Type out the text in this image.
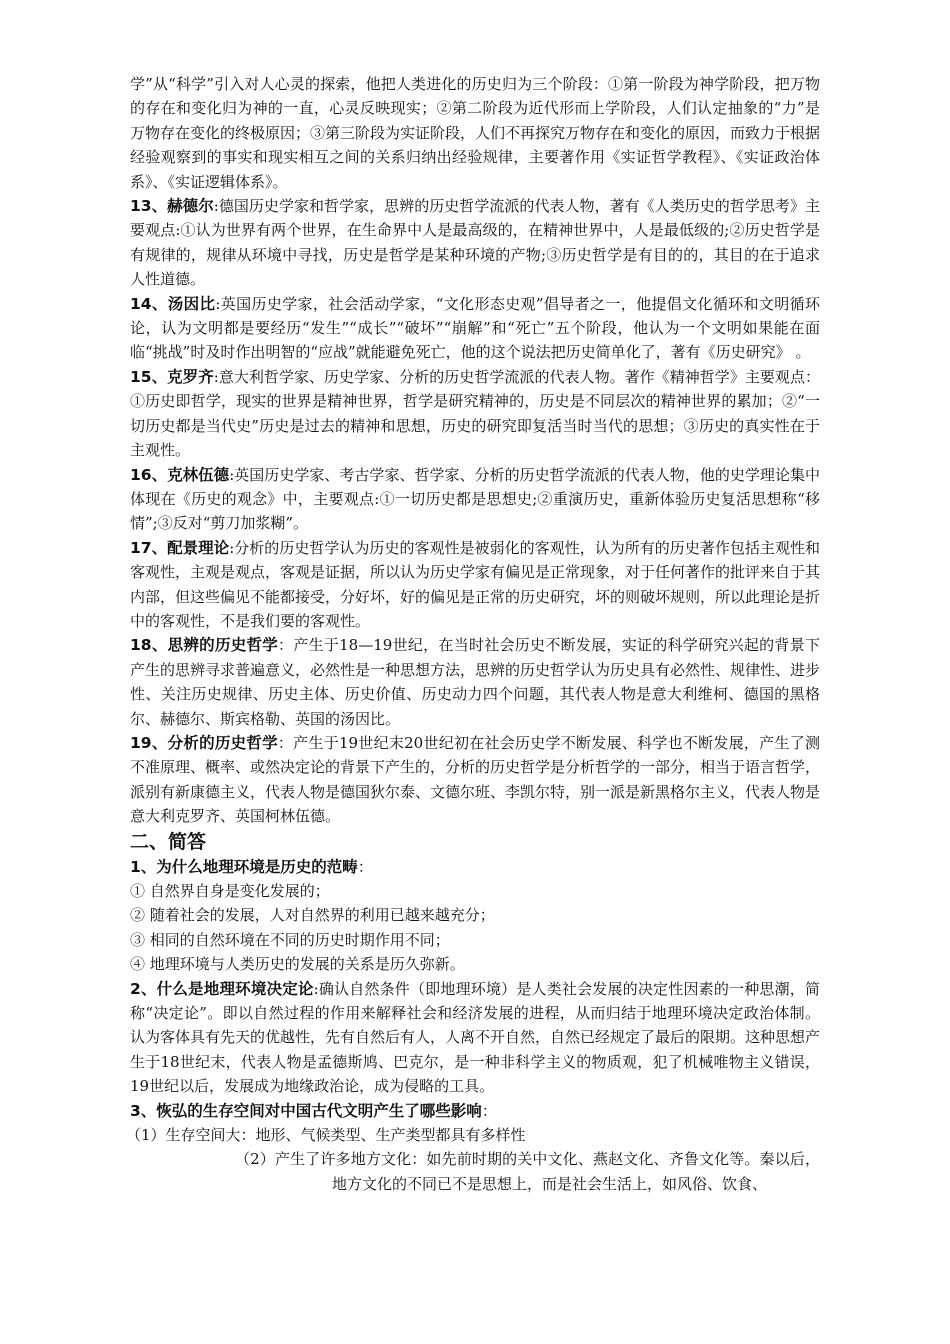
学”从“科学”引入对人心灵的探索，他把人类进化的历史归为三个阶段：①第一阶段为神学阶段，把万物的存在和变化归为神的一直，心灵反映现实；②第二阶段为近代形而上学阶段，人们认定抽象的“力”是万物存在变化的终极原因；③第三阶段为实证阶段，人们不再探究万物存在和变化的原因，而致力于根据经验观察到的事实和现实相互之间的关系归纳出经验规律，主要著作用《实证哲学教程》、《实证政治体系》、《实证逻辑体系》。

13、赫德尔:德国历史学家和哲学家，思辨的历史哲学流派的代表人物，著有《人类历史的哲学思考》主要观点:①认为世界有两个世界，在生命界中人是最高级的，在精神世界中，人是最低级的;②历史哲学是有规律的，规律从环境中寻找，历史是哲学是某种环境的产物;③历史哲学是有目的的，其目的在于追求人性道德。

14、汤因比:英国历史学家，社会活动学家，“文化形态史观”倡导者之一，他提倡文化循环和文明循环论，认为文明都是要经历“发生”“成长”“破坏”“崩解”和“死亡”五个阶段，他认为一个文明如果能在面临“挑战”时及时作出明智的“应战”就能避免死亡，他的这个说法把历史简单化了，著有《历史研究》 。

15、克罗齐:意大利哲学家、历史学家、分析的历史哲学流派的代表人物。著作《精神哲学》主要观点：①历史即哲学，现实的世界是精神世界，哲学是研究精神的，历史是不同层次的精神世界的累加；②“一切历史都是当代史”历史是过去的精神和思想，历史的研究即复活当时当代的思想；③历史的真实性在于主观性。

16、克林伍德:英国历史学家、考古学家、哲学家、分析的历史哲学流派的代表人物，他的史学理论集中体现在《历史的观念》中，主要观点:①一切历史都是思想史;②重演历史，重新体验历史复活思想称“移情”;③反对“剪刀加浆糊”。

17、配景理论:分析的历史哲学认为历史的客观性是被弱化的客观性，认为所有的历史著作包括主观性和客观性，主观是观点，客观是证据，所以认为历史学家有偏见是正常现象，对于任何著作的批评来自于其内部，但这些偏见不能都接受，分好坏，好的偏见是正常的历史研究，坏的则破坏规则，所以此理论是折中的客观性，不是我们要的客观性。

18、思辨的历史哲学：产生于18—19世纪，在当时社会历史不断发展，实证的科学研究兴起的背景下产生的思辨寻求普遍意义，必然性是一种思想方法，思辨的历史哲学认为历史具有必然性、规律性、进步性、关注历史规律、历史主体、历史价值、历史动力四个问题，其代表人物是意大利维柯、德国的黑格尔、赫德尔、斯宾格勒、英国的汤因比。

19、分析的历史哲学：产生于19世纪末20世纪初在社会历史学不断发展、科学也不断发展，产生了测不准原理、概率、或然决定论的背景下产生的，分析的历史哲学是分析哲学的一部分，相当于语言哲学，派别有新康德主义，代表人物是德国狄尔泰、文德尔班、李凯尔特，别一派是新黑格尔主义，代表人物是意大利克罗齐、英国柯林伍德。

二、简答

1、为什么地理环境是历史的范畴：

① 自然界自身是变化发展的；

② 随着社会的发展，人对自然界的利用已越来越充分；

③ 相同的自然环境在不同的历史时期作用不同；

④ 地理环境与人类历史的发展的关系是历久弥新。

2、什么是地理环境决定论:确认自然条件（即地理环境）是人类社会发展的决定性因素的一种思潮，简称“决定论”。即以自然过程的作用来解释社会和经济发展的进程，从而归结于地理环境决定政治体制。认为客体具有先天的优越性，先有自然后有人，人离不开自然，自然已经规定了最后的限期。这种思想产生于18世纪末，代表人物是孟德斯鸠、巴克尔，是一种非科学主义的物质观，犯了机械唯物主义错误，19世纪以后，发展成为地缘政治论，成为侵略的工具。

3、恢弘的生存空间对中国古代文明产生了哪些影响：

（1）生存空间大：地形、气候类型、生产类型都具有多样性

（2）产生了许多地方文化：如先前时期的关中文化、燕赵文化、齐鲁文化等。秦以后，地方文化的不同已不是思想上，而是社会生活上，如风俗、饮食、
